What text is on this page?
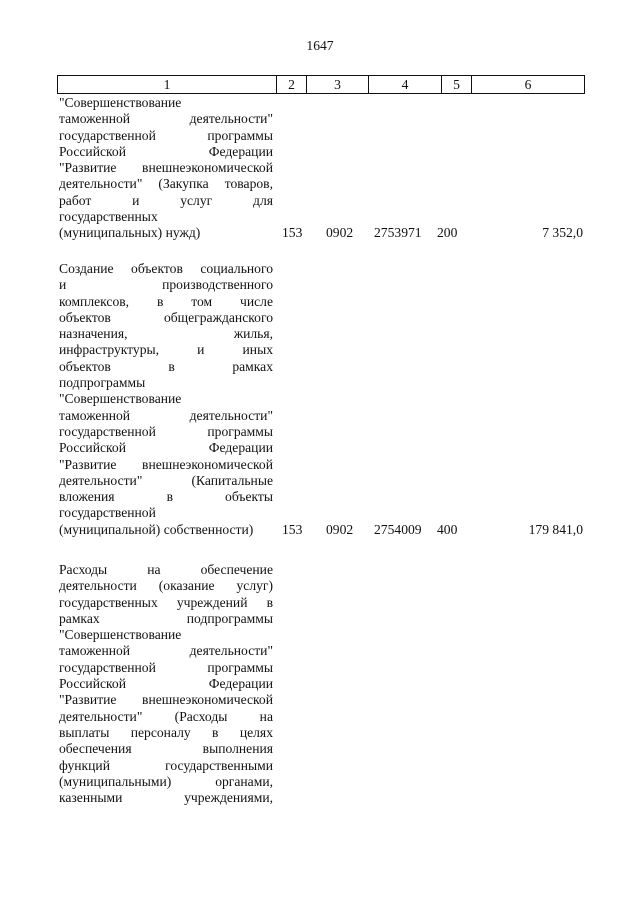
1647
1	2	3	4	5	6
"Совершенствование
таможенной деятельности"
государственной программы
Российской Федерации
"Развитие внешнеэкономической
деятельности" (Закупка товаров,
работ и услуг для
государственных
(муниципальных) нужд)	153 0902 2753971 200	7 352,0
Создание объектов социального
и производственного
комплексов, в том числе
объектов общегражданского
назначения, жилья,
инфраструктуры, и иных
объектов в рамках
подпрограммы
"Совершенствование
таможенной деятельности"
государственной программы
Российской Федерации
"Развитие внешнеэкономической
деятельности" (Капитальные
вложения в объекты
государственной
(муниципальной) собственности)	153 0902 2754009 400	179 841,0
Расходы на обеспечение
деятельности (оказание услуг)
государственных учреждений в
рамках подпрограммы
"Совершенствование
таможенной деятельности"
государственной программы
Российской Федерации
"Развитие внешнеэкономической
деятельности" (Расходы на
выплаты персоналу в целях
обеспечения выполнения
функций государственными
(муниципальными) органами,
казенными учреждениями,
